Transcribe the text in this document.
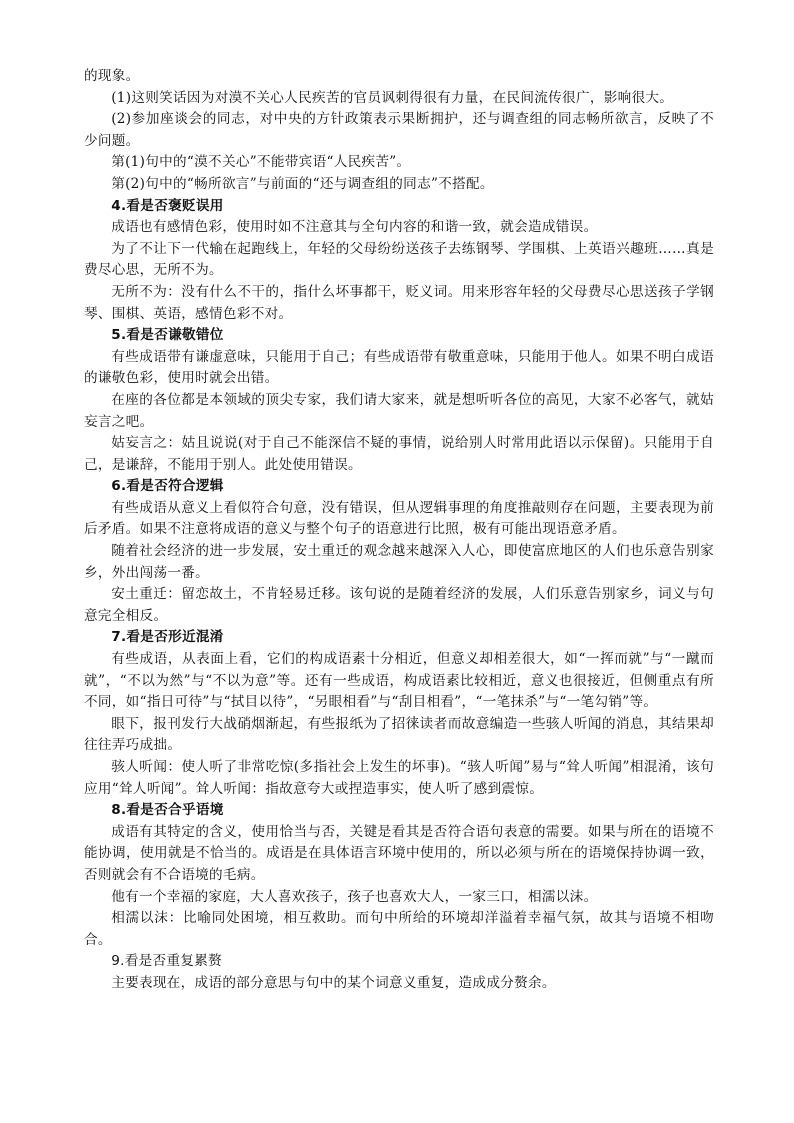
的现象。

(1)这则笑话因为对漠不关心人民疾苦的官员讽刺得很有力量，在民间流传很广，影响很大。

(2)参加座谈会的同志，对中央的方针政策表示果断拥护，还与调查组的同志畅所欲言，反映了不少问题。

第(1)句中的“漠不关心”不能带宾语“人民疾苦”。

第(2)句中的“畅所欲言”与前面的“还与调查组的同志”不搭配。

4.看是否褒贬误用

成语也有感情色彩，使用时如不注意其与全句内容的和谐一致，就会造成错误。

为了不让下一代输在起跑线上，年轻的父母纷纷送孩子去练钢琴、学围棋、上英语兴趣班……真是费尽心思，无所不为。

无所不为：没有什么不干的，指什么坏事都干，贬义词。用来形容年轻的父母费尽心思送孩子学钢琴、围棋、英语，感情色彩不对。

5.看是否谦敬错位

有些成语带有谦虚意味，只能用于自己；有些成语带有敬重意味，只能用于他人。如果不明白成语的谦敬色彩，使用时就会出错。

在座的各位都是本领域的顶尖专家，我们请大家来，就是想听听各位的高见，大家不必客气，就姑妄言之吧。

姑妄言之：姑且说说(对于自己不能深信不疑的事情，说给别人时常用此语以示保留)。只能用于自己，是谦辞，不能用于别人。此处使用错误。

6.看是否符合逻辑

有些成语从意义上看似符合句意，没有错误，但从逻辑事理的角度推敲则存在问题，主要表现为前后矛盾。如果不注意将成语的意义与整个句子的语意进行比照，极有可能出现语意矛盾。

随着社会经济的进一步发展，安土重迁的观念越来越深入人心，即使富庶地区的人们也乐意告别家乡，外出闯荡一番。

安土重迁：留恋故土，不肯轻易迁移。该句说的是随着经济的发展，人们乐意告别家乡，词义与句意完全相反。

7.看是否形近混淆

有些成语，从表面上看，它们的构成语素十分相近，但意义却相差很大，如“一挥而就”与“一蹴而就”，“不以为然”与“不以为意”等。还有一些成语，构成语素比较相近，意义也很接近，但侧重点有所不同，如“指日可待”与“拭目以待”，“另眼相看”与“刮目相看”，“一笔抹杀”与“一笔勾销”等。

眼下，报刊发行大战硝烟渐起，有些报纸为了招徕读者而故意编造一些骇人听闻的消息，其结果却往往弄巧成拙。

骇人听闻：使人听了非常吃惊(多指社会上发生的坏事)。“骇人听闻”易与“耸人听闻”相混淆，该句应用“耸人听闻”。耸人听闻：指故意夸大或捏造事实，使人听了感到震惊。

8.看是否合乎语境

成语有其特定的含义，使用恰当与否，关键是看其是否符合语句表意的需要。如果与所在的语境不能协调，使用就是不恰当的。成语是在具体语言环境中使用的，所以必须与所在的语境保持协调一致，否则就会有不合语境的毛病。

他有一个幸福的家庭，大人喜欢孩子，孩子也喜欢大人，一家三口，相濡以沫。

相濡以沫：比喻同处困境，相互救助。而句中所给的环境却洋溢着幸福气氛，故其与语境不相吻合。

9.看是否重复累赘

主要表现在，成语的部分意思与句中的某个词意义重复，造成成分赘余。
